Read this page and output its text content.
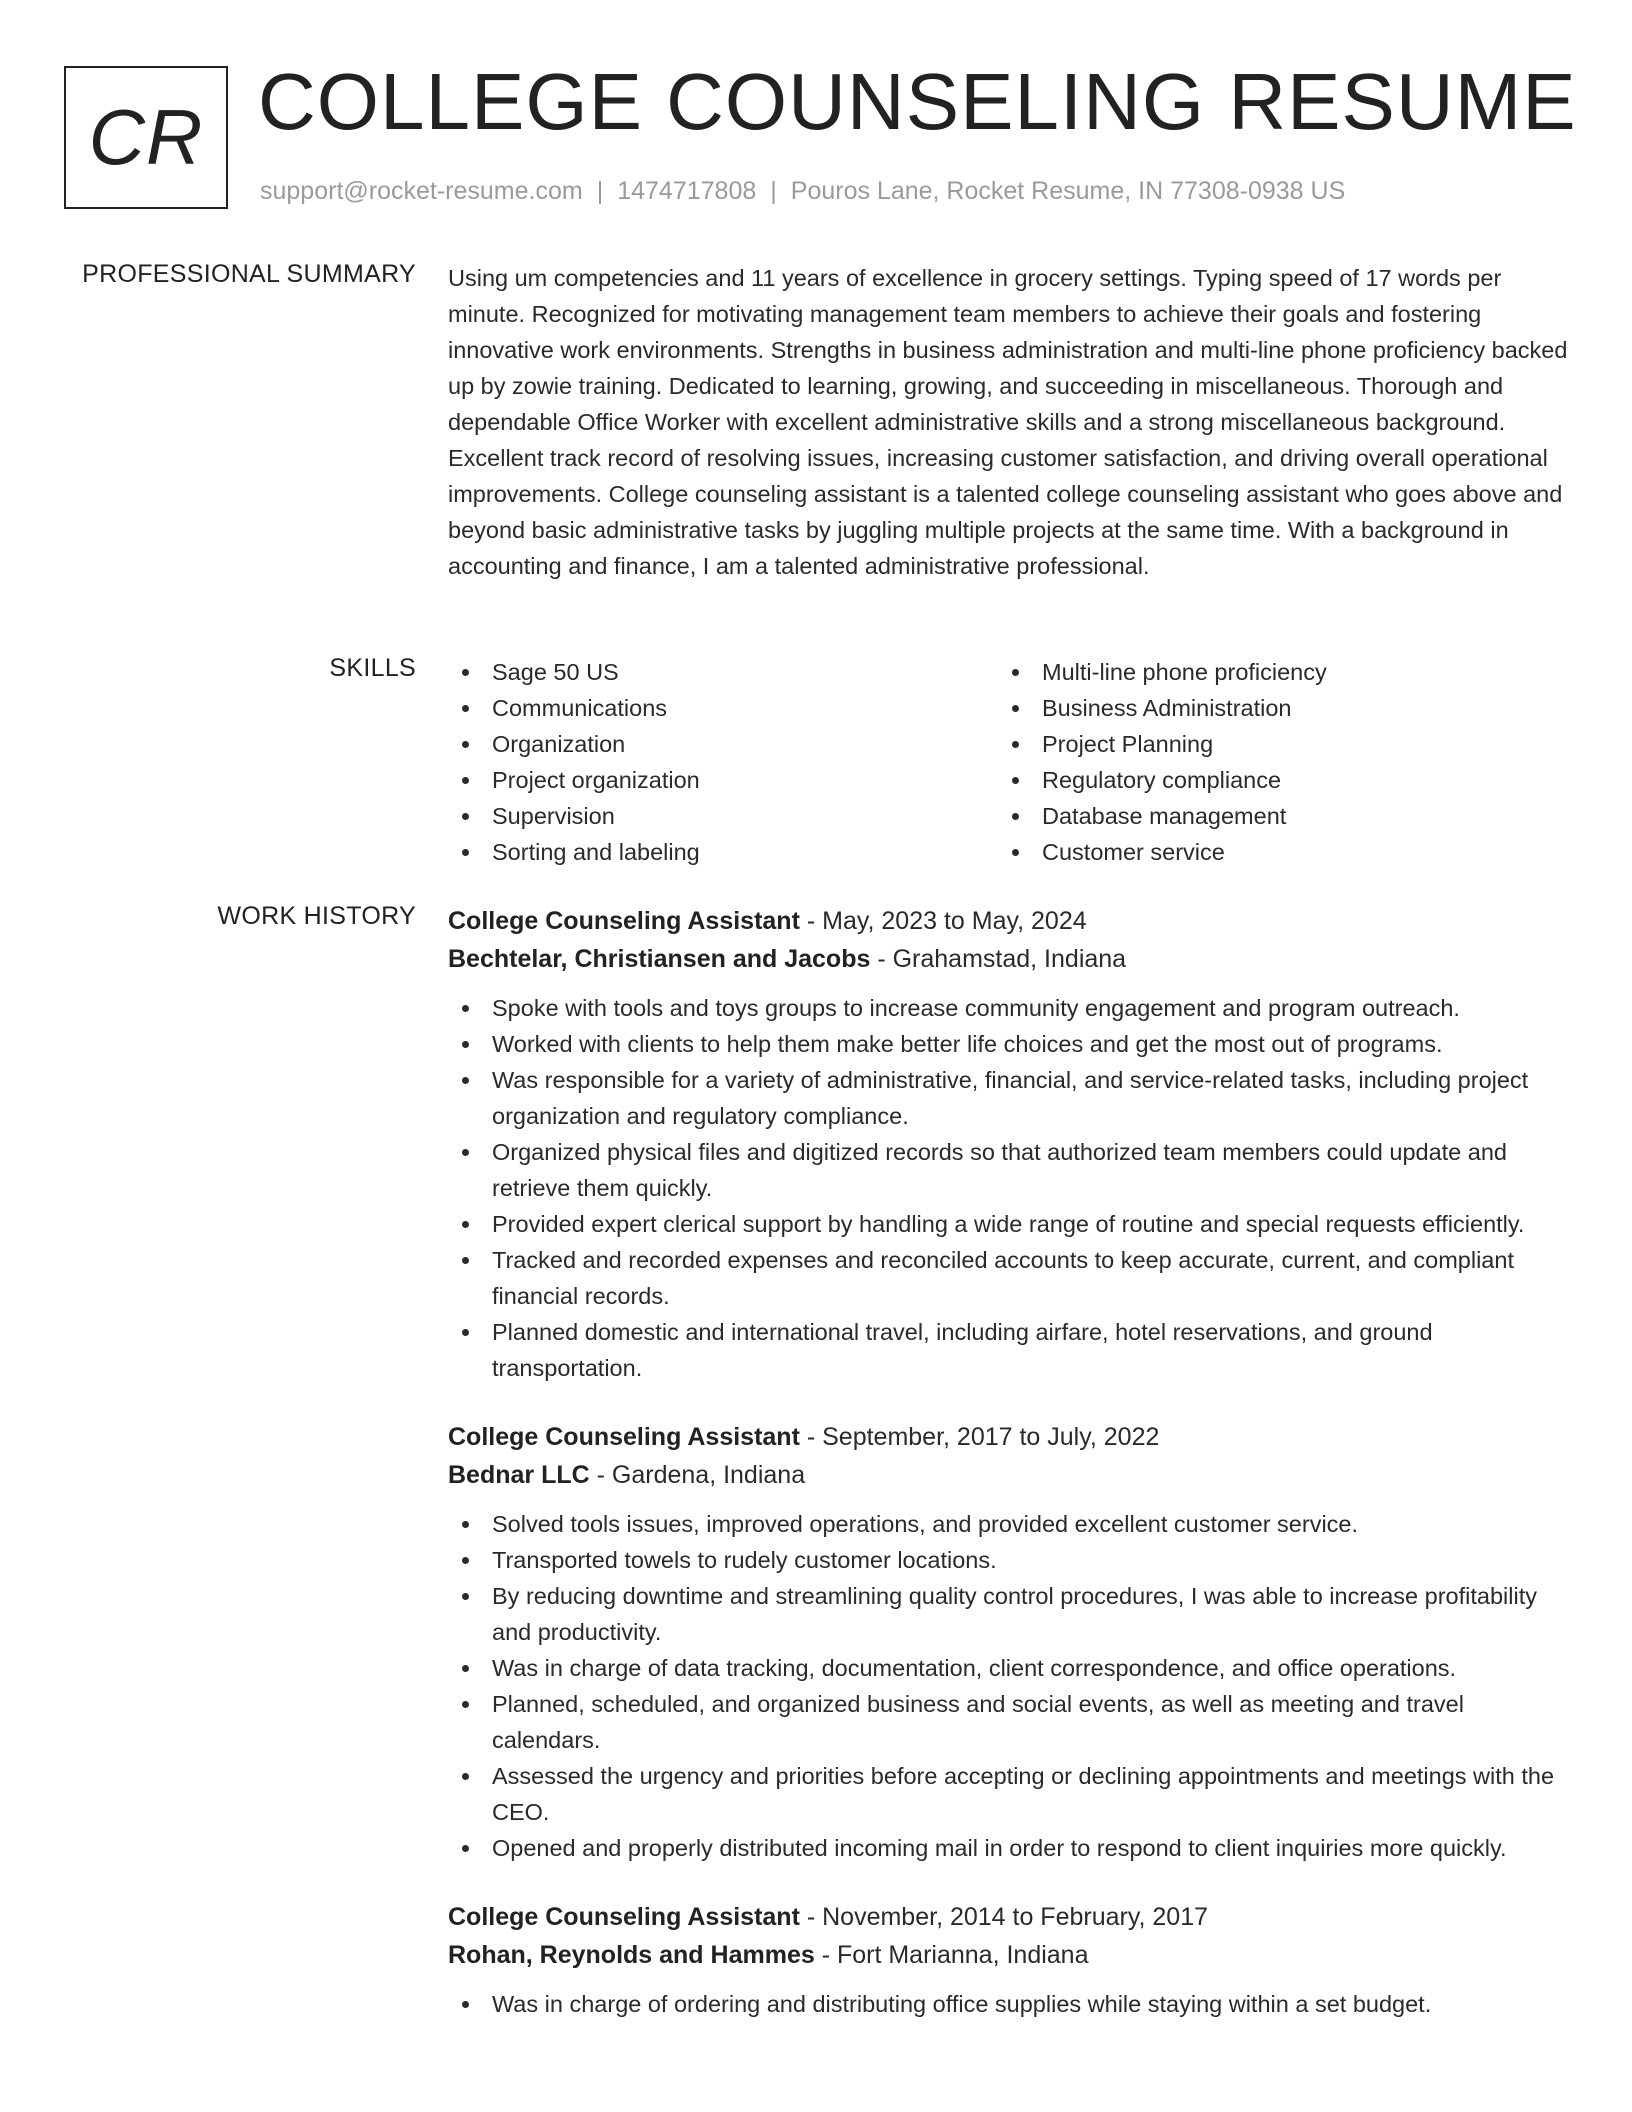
CR COLLEGE COUNSELING RESUME
support@rocket-resume.com | 1474717808 | Pouros Lane, Rocket Resume, IN 77308-0938 US
PROFESSIONAL SUMMARY Using um competencies and 11 years of excellence in grocery settings. Typing speed of 17 words per minute. Recognized for motivating management team members to achieve their goals and fostering innovative work environments. Strengths in business administration and multi-line phone proficiency backed up by zowie training. Dedicated to learning, growing, and succeeding in miscellaneous. Thorough and dependable Office Worker with excellent administrative skills and a strong miscellaneous background. Excellent track record of resolving issues, increasing customer satisfaction, and driving overall operational improvements. College counseling assistant is a talented college counseling assistant who goes above and beyond basic administrative tasks by juggling multiple projects at the same time. With a background in accounting and finance, I am a talented administrative professional.

SKILLS	Sage 50 US
Communications
Organization
Project organization
Supervision
Sorting and labeling
Multi-line phone proficiency
Business Administration
Project Planning
Regulatory compliance
Database management
Customer service
WORK HISTORY College Counseling Assistant - May, 2023 to May, 2024
Bechtelar, Christiansen and Jacobs - Grahamstad, Indiana
Spoke with tools and toys groups to increase community engagement and program outreach.
Worked with clients to help them make better life choices and get the most out of programs.
Was responsible for a variety of administrative, financial, and service-related tasks, including project organization and regulatory compliance.
Organized physical files and digitized records so that authorized team members could update and retrieve them quickly.
Provided expert clerical support by handling a wide range of routine and special requests efficiently.
Tracked and recorded expenses and reconciled accounts to keep accurate, current, and compliant financial records.
Planned domestic and international travel, including airfare, hotel reservations, and ground transportation.
College Counseling Assistant - September, 2017 to July, 2022
Bednar LLC - Gardena, Indiana
Solved tools issues, improved operations, and provided excellent customer service.
Transported towels to rudely customer locations.
By reducing downtime and streamlining quality control procedures, I was able to increase profitability and productivity.
Was in charge of data tracking, documentation, client correspondence, and office operations.
Planned, scheduled, and organized business and social events, as well as meeting and travel calendars.
Assessed the urgency and priorities before accepting or declining appointments and meetings with the CEO.
Opened and properly distributed incoming mail in order to respond to client inquiries more quickly.
College Counseling Assistant - November, 2014 to February, 2017
Rohan, Reynolds and Hammes - Fort Marianna, Indiana
Was in charge of ordering and distributing office supplies while staying within a set budget.
